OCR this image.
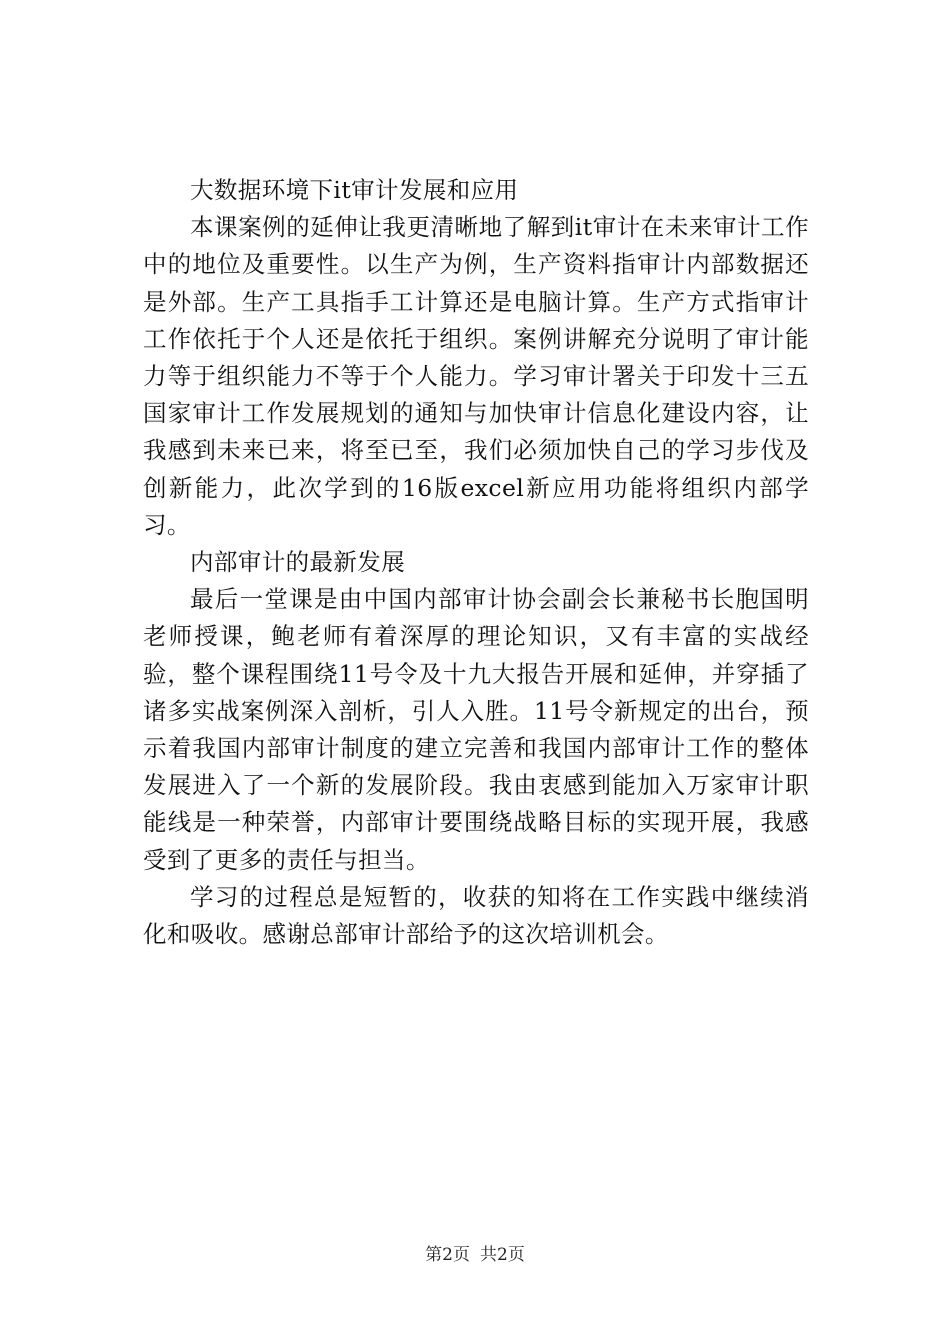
大数据环境下it审计发展和应用

本课案例的延伸让我更清晰地了解到it审计在未来审计工作中的地位及重要性。以生产为例，生产资料指审计内部数据还是外部。生产工具指手工计算还是电脑计算。生产方式指审计工作依托于个人还是依托于组织。案例讲解充分说明了审计能力等于组织能力不等于个人能力。学习审计署关于印发十三五国家审计工作发展规划的通知与加快审计信息化建设内容，让我感到未来已来，将至已至，我们必须加快自己的学习步伐及创新能力，此次学到的16版excel新应用功能将组织内部学习。

内部审计的最新发展

最后一堂课是由中国内部审计协会副会长兼秘书长胞国明老师授课，鲍老师有着深厚的理论知识，又有丰富的实战经验，整个课程围绕11号令及十九大报告开展和延伸，并穿插了诸多实战案例深入剖析，引人入胜。11号令新规定的出台，预示着我国内部审计制度的建立完善和我国内部审计工作的整体发展进入了一个新的发展阶段。我由衷感到能加入万家审计职能线是一种荣誉，内部审计要围绕战略目标的实现开展，我感受到了更多的责任与担当。

学习的过程总是短暂的，收获的知将在工作实践中继续消化和吸收。感谢总部审计部给予的这次培训机会。

第2页 共2页
